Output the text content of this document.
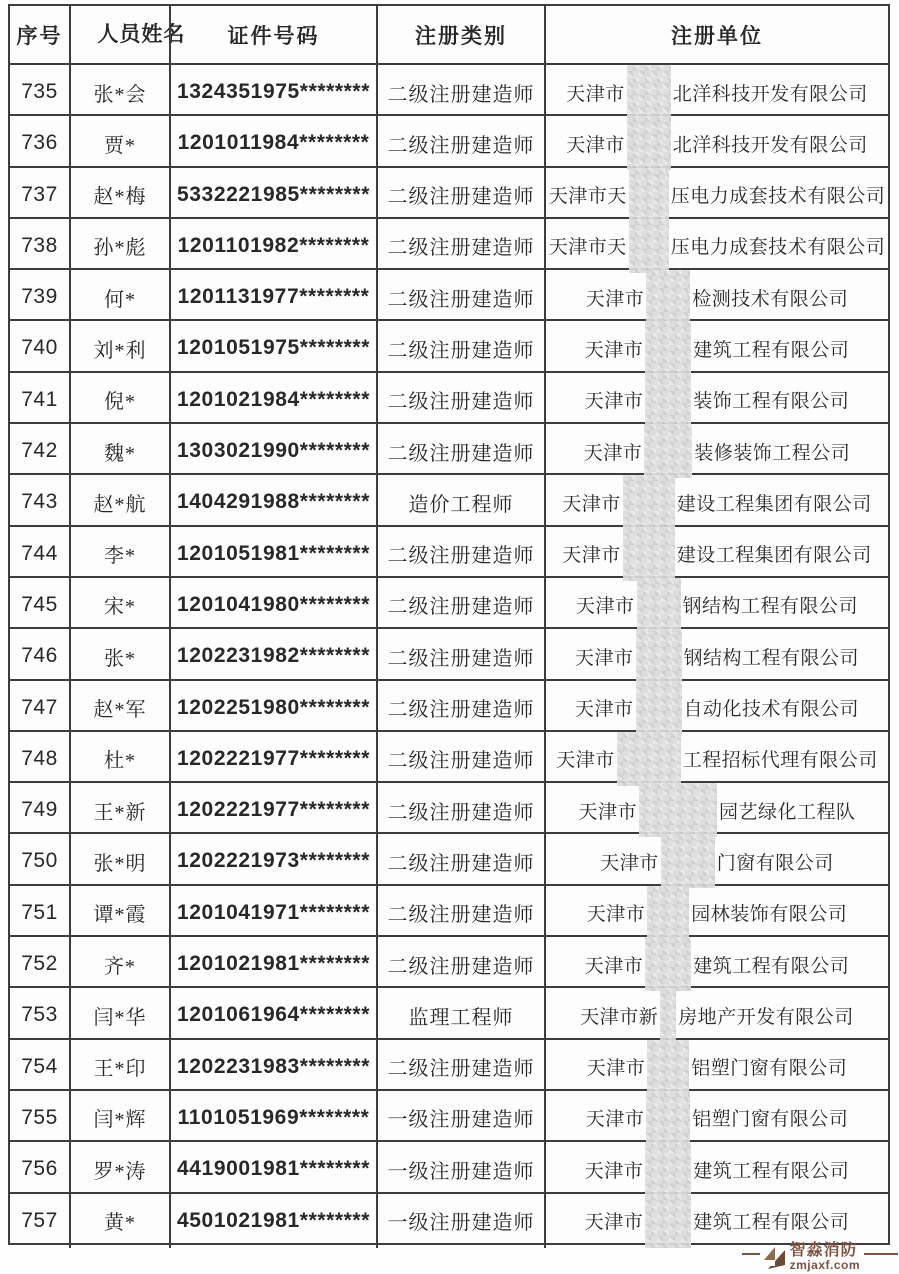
序号 人员姓名 证件号码	注册类别	注册单位
735 张*会 1324351975******** 二级注册建造师 天津市	北洋科技开发有限公司
736 贾* 1201011984******** 二级注册建造师 天津市	北洋科技开发有限公司
737 赵*梅 5332221985******** 二级注册建造师 天津市天 压电力成套技术有限公司
738 孙*彪 1201101982******** 二级注册建造师 天津市天 压电力成套技术有限公司
739 何* 1201131977******** 二级注册建造师	天津市	检测技术有限公司
740 刘*利 1201051975******** 二级注册建造师	天津市	建筑工程有限公司
741 倪* 1201021984******** 二级注册建造师	天津市	装饰工程有限公司
742 魏* 1303021990******** 二级注册建造师	天津市	装修装饰工程公司
743 赵*航 1404291988******** 造价工程师	天津市	建设工程集团有限公司
744 李* 1201051981******** 二级注册建造师 天津市	建设工程集团有限公司
745 宋* 1201041980******** 二级注册建造师 天津市	钢结构工程有限公司
746 张* 1202231982******** 二级注册建造师 天津市	钢结构工程有限公司
747 赵*军 1202251980******** 二级注册建造师 天津市	自动化技术有限公司
748 杜* 1202221977******** 二级注册建造师 天津市	工程招标代理有限公司
749 王*新 1202221977******** 二级注册建造师 天津市	园艺绿化工程队
750 张*明 1202221973******** 二级注册建造师	天津市	门窗有限公司
751 谭*霞 1201041971******** 二级注册建造师	天津市 园林装饰有限公司
752 齐* 1201021981******** 二级注册建造师	天津市	建筑工程有限公司
753 闫*华 1201061964******** 监理工程师	天津市新 房地产开发有限公司
754 王*印 1202231983******** 二级注册建造师	天津市 铝塑门窗有限公司
755 闫*辉 1101051969******** 一级注册建造师	天津市	铝塑门窗有限公司
756 罗*涛 4419001981******** 一级注册建造师	天津市	建筑工程有限公司
757 黄* 4501021981******** 一级注册建造师	天津市	建筑工程有限公司
智淼消防
zmjaxf.com
